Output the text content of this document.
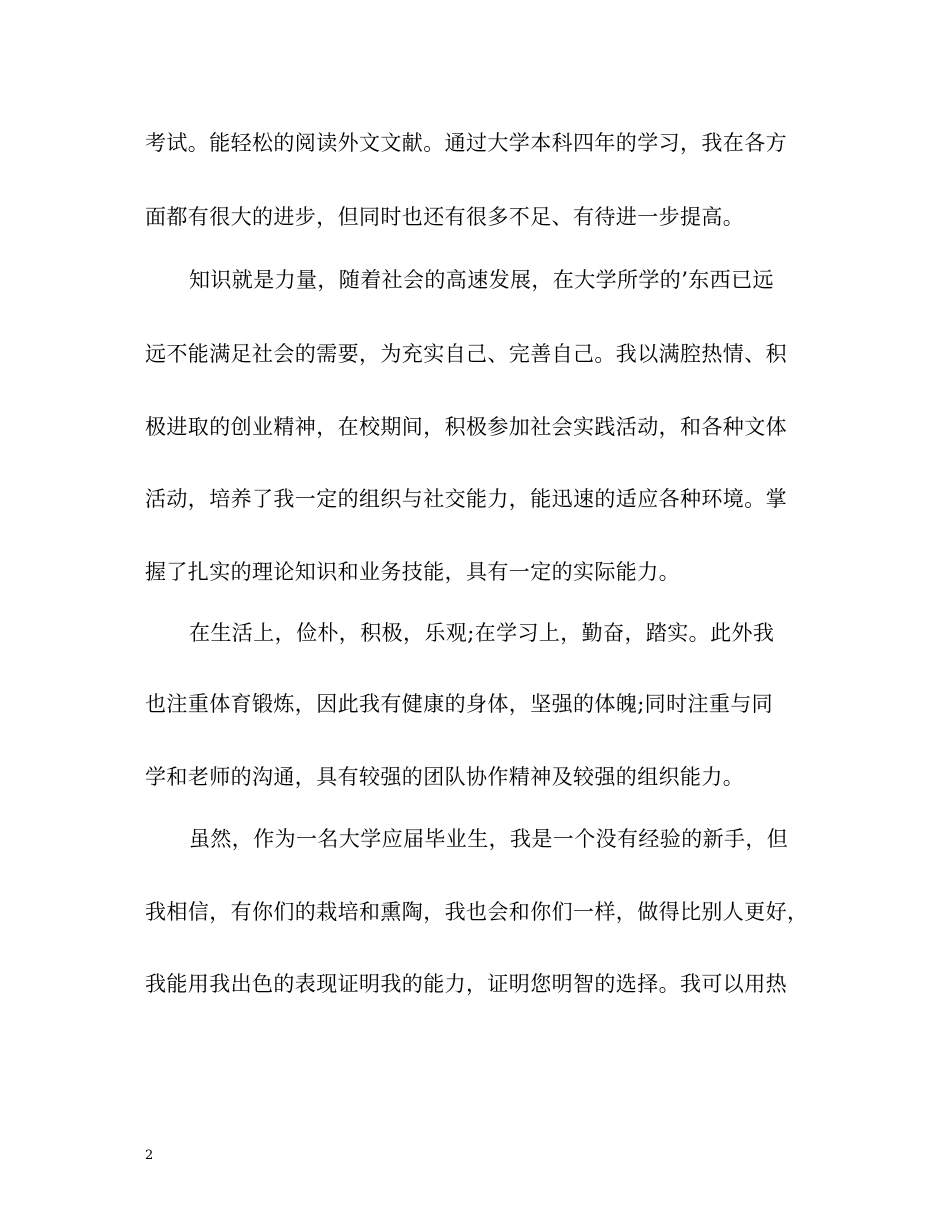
考试。能轻松的阅读外文文献。通过大学本科四年的学习，我在各方
面都有很大的进步，但同时也还有很多不足、有待进一步提高。
知识就是力量，随着社会的高速发展，在大学所学的’东西已远
远不能满足社会的需要，为充实自己、完善自己。我以满腔热情、积
极进取的创业精神，在校期间，积极参加社会实践活动，和各种文体
活动，培养了我一定的组织与社交能力，能迅速的适应各种环境。掌
握了扎实的理论知识和业务技能，具有一定的实际能力。
在生活上，俭朴，积极，乐观;在学习上，勤奋，踏实。此外我
也注重体育锻炼，因此我有健康的身体，坚强的体魄;同时注重与同
学和老师的沟通，具有较强的团队协作精神及较强的组织能力。
虽然，作为一名大学应届毕业生，我是一个没有经验的新手，但
我相信，有你们的栽培和熏陶，我也会和你们一样，做得比别人更好，
我能用我出色的表现证明我的能力，证明您明智的选择。我可以用热
2
